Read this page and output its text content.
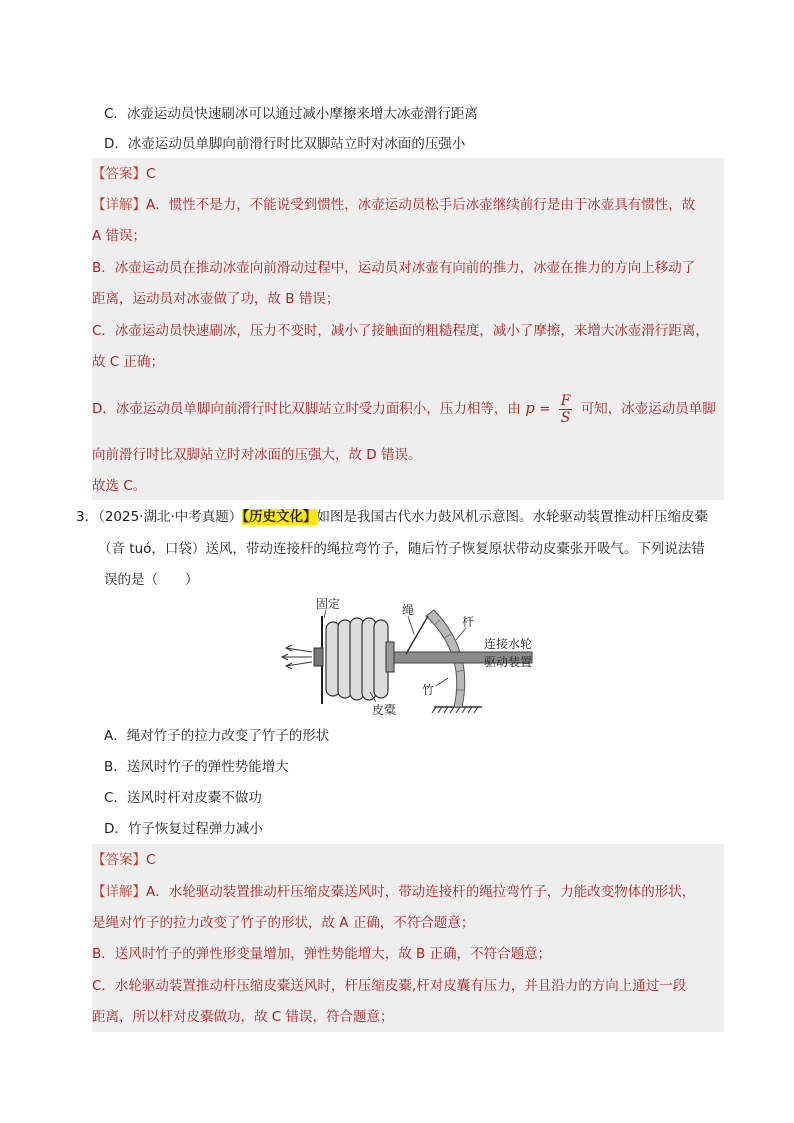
C．冰壶运动员快速刷冰可以通过减小摩擦来增大冰壶滑行距离
D．冰壶运动员单脚向前滑行时比双脚站立时对冰面的压强小
【答案】C
【详解】A．惯性不是力，不能说受到惯性，冰壶运动员松手后冰壶继续前行是由于冰壶具有惯性，故
A 错误；
B．冰壶运动员在推动冰壶向前滑动过程中，运动员对冰壶有向前的推力，冰壶在推力的方向上移动了
距离，运动员对冰壶做了功，故 B 错误；
C．冰壶运动员快速刷冰，压力不变时，减小了接触面的粗糙程度，减小了摩擦，来增大冰壶滑行距离，
故 C 正确；
D．冰壶运动员单脚向前滑行时比双脚站立时受力面积小，压力相等，由 $p = \frac{F}{S}$ 可知，冰壶运动员单脚
向前滑行时比双脚站立时对冰面的压强大，故 D 错误。
故选 C。
3．（2025·湖北·中考真题）【历史文化】如图是我国古代水力鼓风机示意图。水轮驱动装置推动杆压缩皮橐
（音 tuó，口袋）送风，带动连接杆的绳拉弯竹子，随后竹子恢复原状带动皮橐张开吸气。下列说法错
误的是（　　）
固定	绳
杆
连接水轮
驱动装置
竹
皮橐
A．绳对竹子的拉力改变了竹子的形状
B．送风时竹子的弹性势能增大
C．送风时杆对皮橐不做功
D．竹子恢复过程弹力减小
【答案】C
【详解】A．水轮驱动装置推动杆压缩皮橐送风时，带动连接杆的绳拉弯竹子，力能改变物体的形状，
是绳对竹子的拉力改变了竹子的形状，故 A 正确，不符合题意；
B．送风时竹子的弹性形变量增加，弹性势能增大，故 B 正确，不符合题意；
C．水轮驱动装置推动杆压缩皮橐送风时，杆压缩皮橐,杆对皮囊有压力，并且沿力的方向上通过一段
距离，所以杆对皮橐做功，故 C 错误，符合题意；
